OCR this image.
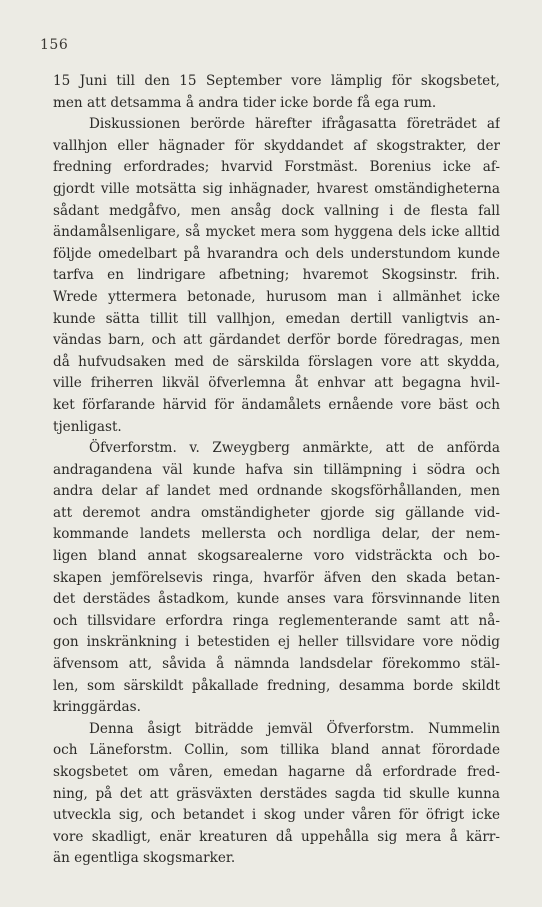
156
15 Juni till den 15 September vore lämplig för skogsbetet,
men att detsamma å andra tider icke borde få ega rum.
Diskussionen berörde härefter ifrågasatta företrädet af
vallhjon eller hägnader för skyddandet af skogstrakter, der
fredning erfordrades; hvarvid Forstmäst. Borenius icke af-
gjordt ville motsätta sig inhägnader, hvarest omständigheterna
sådant medgåfvo, men ansåg dock vallning i de flesta fall
ändamålsenligare, så mycket mera som hyggena dels icke alltid
följde omedelbart på hvarandra och dels understundom kunde
tarfva en lindrigare afbetning; hvaremot Skogsinstr. frih.
Wrede yttermera betonade, hurusom man i allmänhet icke
kunde sätta tillit till vallhjon, emedan dertill vanligtvis an-
vändas barn, och att gärdandet derför borde föredragas, men
då hufvudsaken med de särskilda förslagen vore att skydda,
ville friherren likväl öfverlemna åt enhvar att begagna hvil-
ket förfarande härvid för ändamålets ernående vore bäst och
tjenligast.
Öfverforstm. v. Zweygberg anmärkte, att de anförda
andragandena väl kunde hafva sin tillämpning i södra och
andra delar af landet med ordnande skogsförhållanden, men
att deremot andra omständigheter gjorde sig gällande vid-
kommande landets mellersta och nordliga delar, der nem-
ligen bland annat skogsarealerne voro vidsträckta och bo-
skapen jemförelsevis ringa, hvarför äfven den skada betan-
det derstädes åstadkom, kunde anses vara försvinnande liten
och tillsvidare erfordra ringa reglementerande samt att nå-
gon inskränkning i betestiden ej heller tillsvidare vore nödig
äfvensom att, såvida å nämnda landsdelar förekommo stäl-
len, som särskildt påkallade fredning, desamma borde skildt
kringgärdas.
Denna åsigt biträdde jemväl Öfverforstm. Nummelin
och Läneforstm. Collin, som tillika bland annat förordade
skogsbetet om våren, emedan hagarne då erfordrade fred-
ning, på det att gräsväxten derstädes sagda tid skulle kunna
utveckla sig, och betandet i skog under våren för öfrigt icke
vore skadligt, enär kreaturen då uppehålla sig mera å kärr-
än egentliga skogsmarker.
